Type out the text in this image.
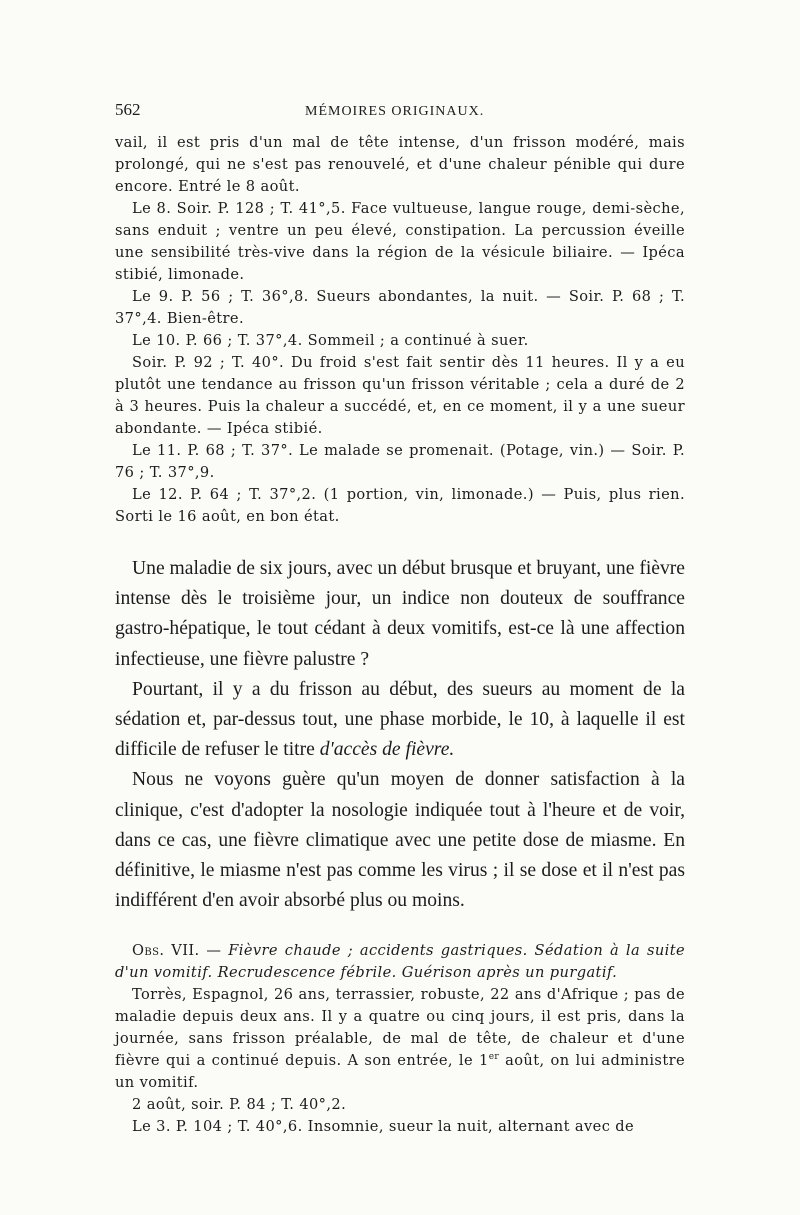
562	MÉMOIRES ORIGINAUX.

vail, il est pris d'un mal de tête intense, d'un frisson modéré, mais prolongé, qui ne s'est pas renouvelé, et d'une chaleur pénible qui dure encore. Entré le 8 août.

Le 8. Soir. P. 128 ; T. 41°,5. Face vultueuse, langue rouge, demi-sèche, sans enduit ; ventre un peu élevé, constipation. La percussion éveille une sensibilité très-vive dans la région de la vésicule biliaire. — Ipéca stibié, limonade.

Le 9. P. 56 ; T. 36°,8. Sueurs abondantes, la nuit. — Soir. P. 68 ; T. 37°,4. Bien-être.

Le 10. P. 66 ; T. 37°,4. Sommeil ; a continué à suer.

Soir. P. 92 ; T. 40°. Du froid s'est fait sentir dès 11 heures. Il y a eu plutôt une tendance au frisson qu'un frisson véritable ; cela a duré de 2 à 3 heures. Puis la chaleur a succédé, et, en ce moment, il y a une sueur abondante. — Ipéca stibié.

Le 11. P. 68 ; T. 37°. Le malade se promenait. (Potage, vin.) — Soir. P. 76 ; T. 37°,9.

Le 12. P. 64 ; T. 37°,2. (1 portion, vin, limonade.) — Puis, plus rien. Sorti le 16 août, en bon état.

Une maladie de six jours, avec un début brusque et bruyant, une fièvre intense dès le troisième jour, un indice non douteux de souffrance gastro-hépatique, le tout cédant à deux vomitifs, est-ce là une affection infectieuse, une fièvre palustre ?

Pourtant, il y a du frisson au début, des sueurs au moment de la sédation et, par-dessus tout, une phase morbide, le 10, à laquelle il est difficile de refuser le titre d'accès de fièvre.

Nous ne voyons guère qu'un moyen de donner satisfaction à la clinique, c'est d'adopter la nosologie indiquée tout à l'heure et de voir, dans ce cas, une fièvre climatique avec une petite dose de miasme. En définitive, le miasme n'est pas comme les virus ; il se dose et il n'est pas indifférent d'en avoir absorbé plus ou moins.

Obs. VII. — Fièvre chaude ; accidents gastriques. Sédation à la suite d'un vomitif. Recrudescence fébrile. Guérison après un purgatif.

Torrès, Espagnol, 26 ans, terrassier, robuste, 22 ans d'Afrique ; pas de maladie depuis deux ans. Il y a quatre ou cinq jours, il est pris, dans la journée, sans frisson préalable, de mal de tête, de chaleur et d'une fièvre qui a continué depuis. A son entrée, le 1er août, on lui administre un vomitif.

2 août, soir. P. 84 ; T. 40°,2.

Le 3. P. 104 ; T. 40°,6. Insomnie, sueur la nuit, alternant avec de
